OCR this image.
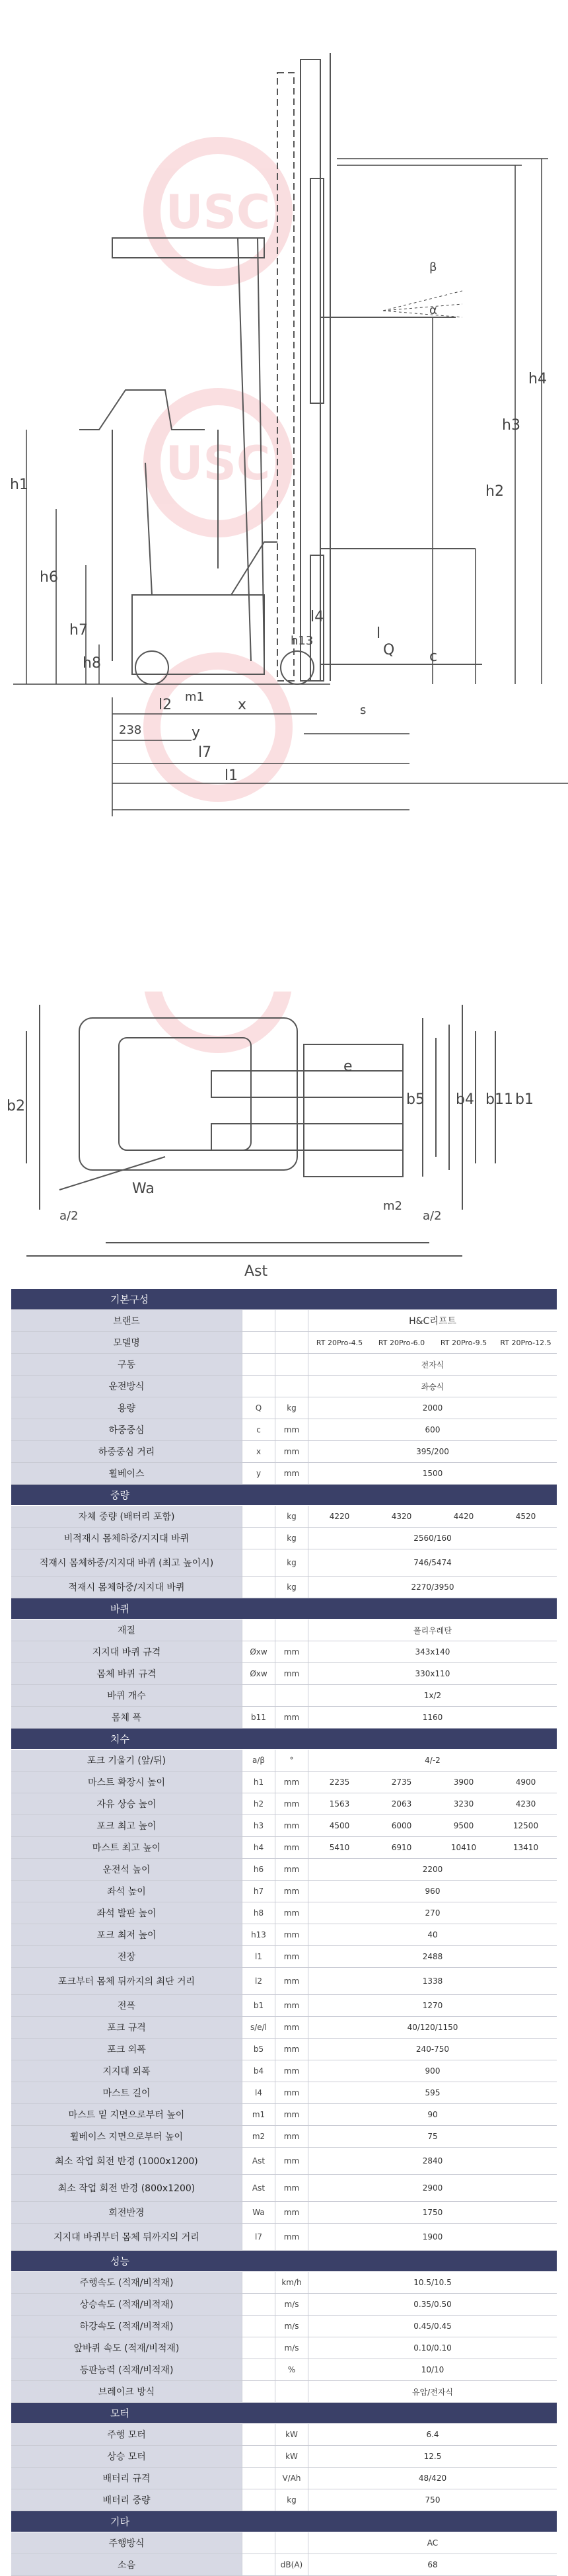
USC
USC
h1
h6
h7
h8
h13
l2
l7
l1
238
x
y
m1
l4
l
s
c
h2
h3
h4
Q
β
α
b2
Wa
Ast
b1
b11
b5 b4
e
m2
a/2	a/2
기본구성
브랜드	H&C리프트
모델명	RT 20Pro-4.5	RT 20Pro-6.0	RT 20Pro-9.5	RT 20Pro-12.5
구동	전자식
운전방식	좌승식
용량	Q	kg	2000
하중중심	c	mm	600
하중중심 거리	x	mm	395/200
휠베이스	y	mm	1500
중량
자체 중량 (배터리 포함)	kg	4220	4320	4420	4520
비적재시 몸체하중/지지대 바퀴	kg	2560/160
적재시 몸체하중/지지대 바퀴 (최고 높이시)	kg	746/5474
적재시 몸체하중/지지대 바퀴	kg	2270/3950
바퀴
재질	폴리우레탄
지지대 바퀴 규격	Øxw	mm	343x140
몸체 바퀴 규격	Øxw	mm	330x110
바퀴 개수	1x/2
몸체 폭	b11	mm	1160
치수
포크 기울기 (앞/뒤)	a/β	°	4/-2
마스트 확장시 높이	h1	mm	2235	2735	3900	4900
자유 상승 높이	h2	mm	1563	2063	3230	4230
포크 최고 높이	h3	mm	4500	6000	9500	12500
마스트 최고 높이	h4	mm	5410	6910	10410	13410
운전석 높이	h6	mm	2200
좌석 높이	h7	mm	960
좌석 발판 높이	h8	mm	270
포크 최저 높이	h13	mm	40
전장	l1	mm	2488
포크부터 몸체 뒤까지의 최단 거리	l2	mm	1338
전폭	b1	mm	1270
포크 규격	s/e/l	mm	40/120/1150
포크 외폭	b5	mm	240-750
지지대 외폭	b4	mm	900
마스트 길이	l4	mm	595
마스트 밑 지면으로부터 높이	m1	mm	90
휠베이스 지면으로부터 높이	m2	mm	75
최소 작업 회전 반경 (1000x1200)	Ast	mm	2840
최소 작업 회전 반경 (800x1200)	Ast	mm	2900
회전반경	Wa	mm	1750
지지대 바퀴부터 몸체 뒤까지의 거리	l7	mm	1900
성능
주행속도 (적재/비적재)	km/h	10.5/10.5
상승속도 (적재/비적재)	m/s	0.35/0.50
하강속도 (적재/비적재)	m/s	0.45/0.45
앞바퀴 속도 (적재/비적재)	m/s	0.10/0.10
등판능력 (적재/비적재)	%	10/10
브레이크 방식	유압/전자식
모터
주행 모터	kW	6.4
상승 모터	kW	12.5
배터리 규격	V/Ah	48/420
배터리 중량	kg	750
기타
주행방식	AC
소음	dB(A)	68
